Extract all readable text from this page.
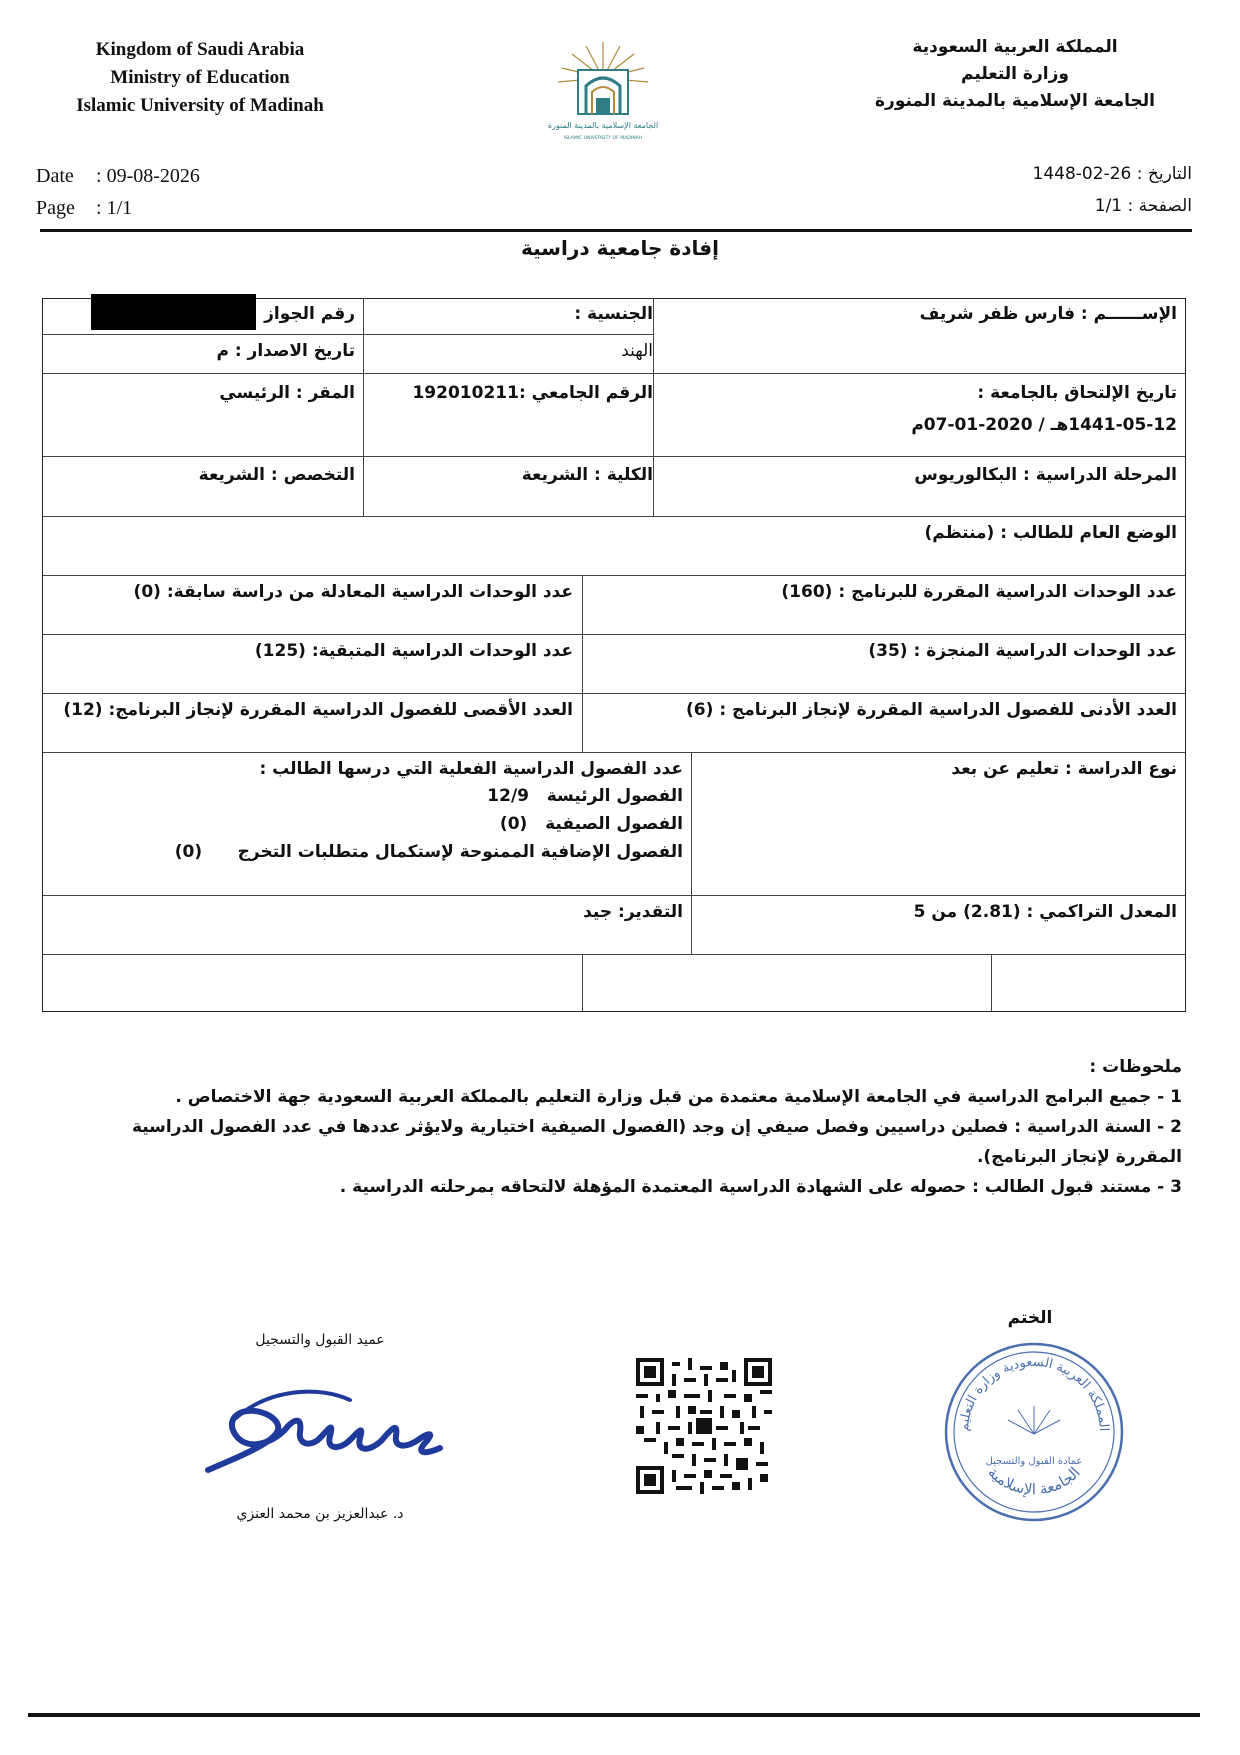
Kingdom of Saudi Arabia
Ministry of Education
Islamic University of Madinah
المملكة العربية السعودية
وزارة التعليم
الجامعة الإسلامية بالمدينة المنورة
الجامعة الإسلامية بالمدينة المنورة
ISLAMIC UNIVERSITY OF MADINAH
Date : 09-08-2026
Page : 1/1
التاريخ : 26-02-1448
الصفحة : 1/1
إفادة جامعية دراسية
الإســــــم : فارس ظفر شريف
الجنسية :
الهند
رقم الجواز
تاريخ الاصدار : م
تاريخ الإلتحاق بالجامعة :
1441-05-12هـ / 2020-01-07م
الرقم الجامعي :192010211
المقر : الرئيسي
المرحلة الدراسية : البكالوريوس
الكلية : الشريعة
التخصص : الشريعة
الوضع العام للطالب : (منتظم)
عدد الوحدات الدراسية المقررة للبرنامج : (160)
عدد الوحدات الدراسية المعادلة من دراسة سابقة: (0)
عدد الوحدات الدراسية المنجزة : (35)
عدد الوحدات الدراسية المتبقية: (125)
العدد الأدنى للفصول الدراسية المقررة لإنجاز البرنامج : (6)
العدد الأقصى للفصول الدراسية المقررة لإنجاز البرنامج: (12)
نوع الدراسة : تعليم عن بعد
عدد الفصول الدراسية الفعلية التي درسها الطالب :
الفصول الرئيسة   12/9
الفصول الصيفية   (0)
الفصول الإضافية الممنوحة لإستكمال متطلبات التخرج      (0)
المعدل التراكمي : (2.81) من 5
التقدير: جيد
ملحوظات :
1 - جميع البرامج الدراسية في الجامعة الإسلامية معتمدة من قبل وزارة التعليم بالمملكة العربية السعودية جهة الاختصاص .
2 - السنة الدراسية : فصلين دراسيين وفصل صيفي إن وجد (الفصول الصيفية اختيارية ولايؤثر عددها في عدد الفصول الدراسية
المقررة لإنجاز البرنامج).
3 - مستند قبول الطالب : حصوله على الشهادة الدراسية المعتمدة المؤهلة لالتحاقه بمرحلته الدراسية .
عميد القبول والتسجيل
د. عبدالعزيز بن محمد العنزي
الختم
المملكة العربية السعودية وزارة التعليم
عمادة القبول والتسجيل
الجامعة الإسلامية
